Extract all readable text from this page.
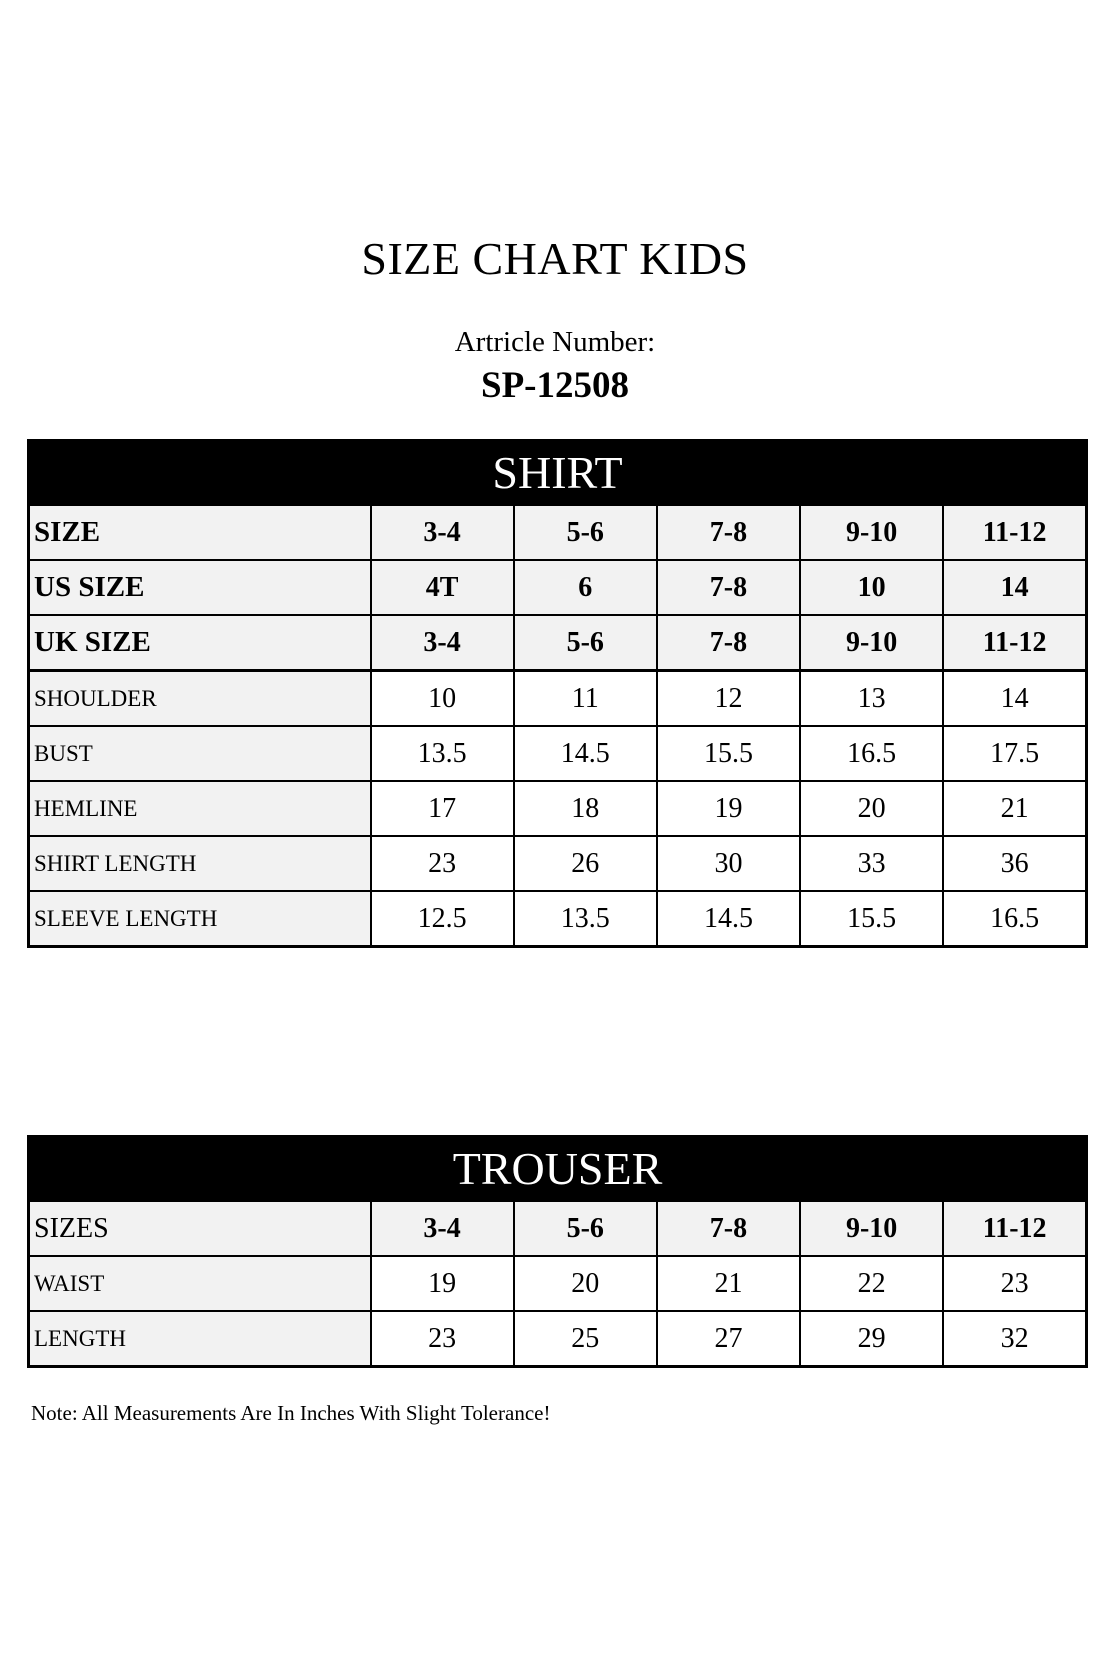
SIZE CHART KIDS
Artricle Number:
SP-12508
SHIRT					
SIZE	3-4	5-6	7-8	9-10	11-12
US SIZE	4T	6	7-8	10	14
UK SIZE	3-4	5-6	7-8	9-10	11-12
SHOULDER	10	11	12	13	14
BUST	13.5	14.5	15.5	16.5	17.5
HEMLINE	17	18	19	20	21
SHIRT LENGTH	23	26	30	33	36
SLEEVE LENGTH	12.5	13.5	14.5	15.5	16.5
TROUSER					
SIZES	3-4	5-6	7-8	9-10	11-12
WAIST	19	20	21	22	23
LENGTH	23	25	27	29	32
Note: All Measurements Are In Inches With Slight Tolerance!
